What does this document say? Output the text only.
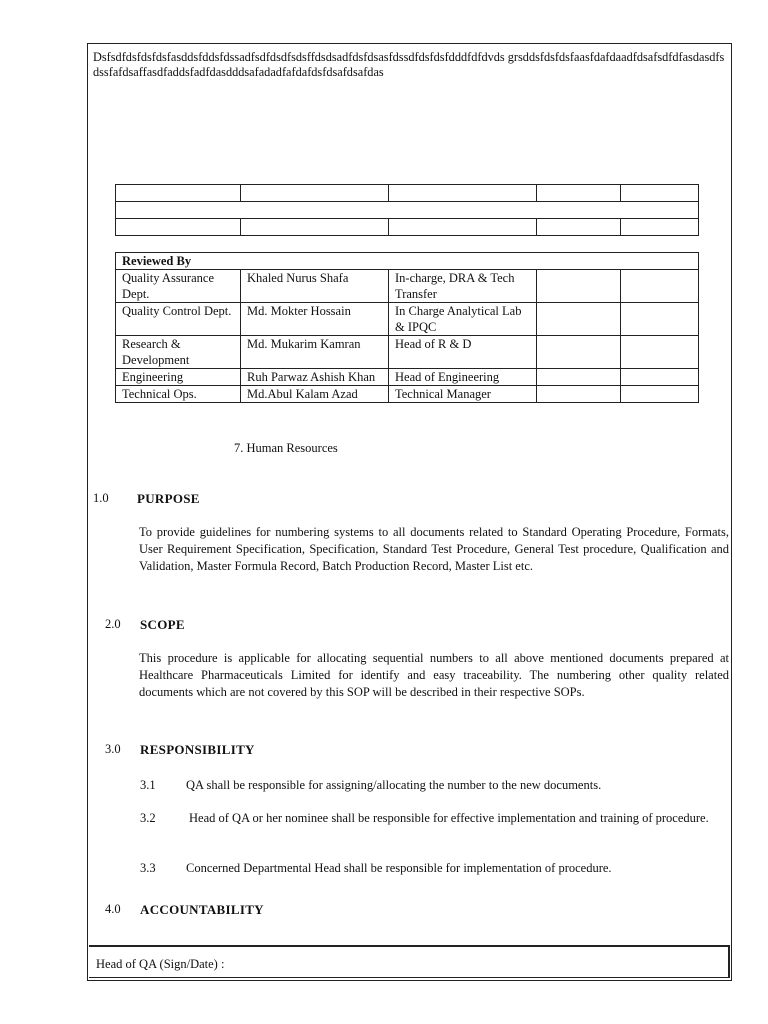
Dsfsdfdsfdsfdsfasddsfddsfdssadfsdfdsdfsdsffdsdsadfdsfdsasfdssdfdsfdsfdddfdfdvds grsddsfdsfdsfaasfdafdaadfdsafsdfdfasdasdfsdssfafdsaffasdfaddsfadfdasdddsafadadfafdafdsfdsafdsafdas

Reviewed By				
Quality Assurance Dept.	Khaled Nurus Shafa	In-charge, DRA & Tech Transfer		
Quality Control Dept.	Md. Mokter Hossain	In Charge Analytical Lab & IPQC		
Research & Development	Md. Mukarim Kamran	Head of R & D		
Engineering	Ruh Parwaz Ashish Khan	Head of Engineering		
Technical Ops.	Md.Abul Kalam Azad	Technical Manager		
7. Human Resources
1.0 PURPOSE
To provide guidelines for numbering systems to all documents related to Standard Operating Procedure, Formats, User Requirement Specification, Specification, Standard Test Procedure, General Test procedure, Qualification and Validation, Master Formula Record, Batch Production Record, Master List etc.
2.0 SCOPE
This procedure is applicable for allocating sequential numbers to all above mentioned documents prepared at Healthcare Pharmaceuticals Limited for identify and easy traceability. The numbering other quality related documents which are not covered by this SOP will be described in their respective SOPs.
3.0 RESPONSIBILITY
3.1 QA shall be responsible for assigning/allocating the number to the new documents.
3.2	Head of QA or her nominee shall be responsible for effective implementation and training of procedure.
3.3 Concerned Departmental Head shall be responsible for implementation of procedure.
4.0 ACCOUNTABILITY
Head of QA (Sign/Date) :
